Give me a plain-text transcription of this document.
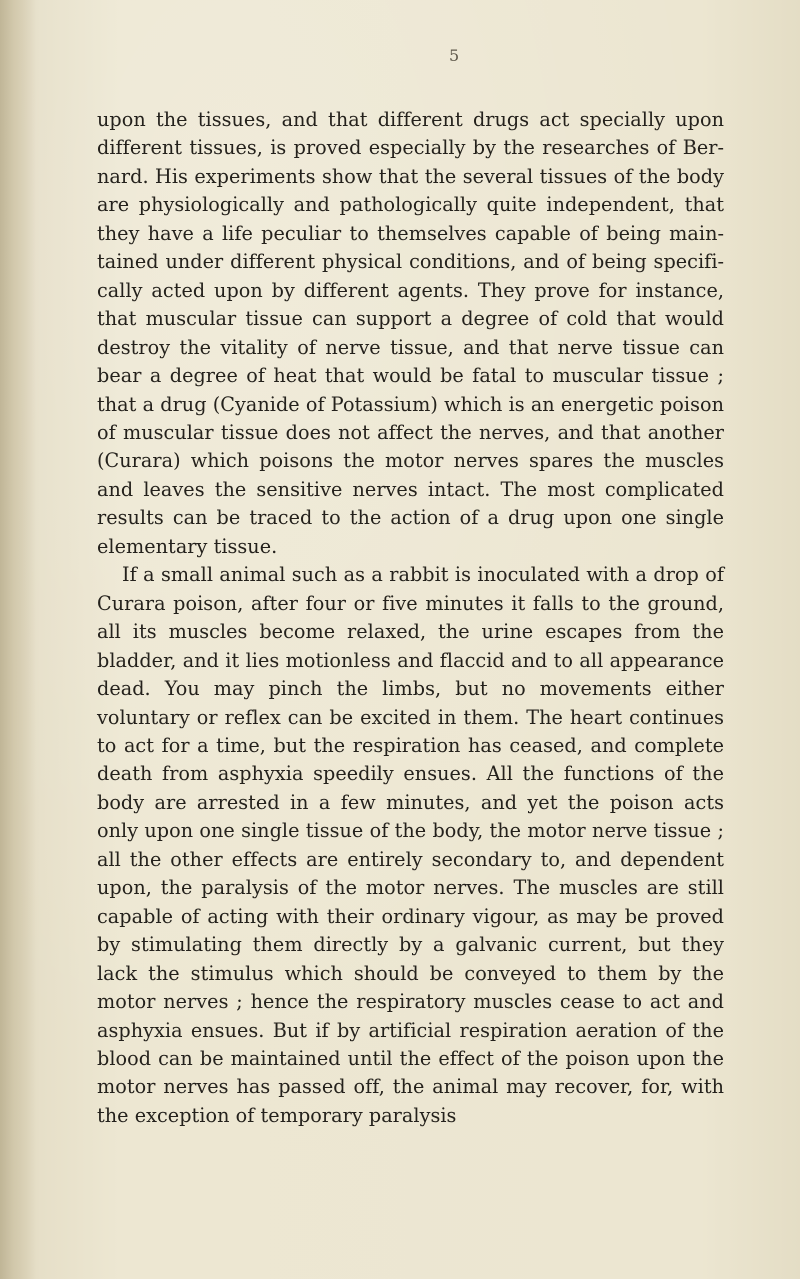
5

upon the tissues, and that different drugs act specially upon different tissues, is proved especially by the researches of Bernard. His experiments show that the several tissues of the body are physiologically and pathologically quite independent, that they have a life peculiar to themselves capable of being maintained under different physical conditions, and of being specifically acted upon by different agents. They prove for instance, that muscular tissue can support a degree of cold that would destroy the vitality of nerve tissue, and that nerve tissue can bear a degree of heat that would be fatal to muscular tissue ; that a drug (Cyanide of Potassium) which is an energetic poison of muscular tissue does not affect the nerves, and that another (Curara) which poisons the motor nerves spares the muscles and leaves the sensitive nerves intact. The most complicated results can be traced to the action of a drug upon one single elementary tissue.

If a small animal such as a rabbit is inoculated with a drop of Curara poison, after four or five minutes it falls to the ground, all its muscles become relaxed, the urine escapes from the bladder, and it lies motionless and flaccid and to all appearance dead. You may pinch the limbs, but no movements either voluntary or reflex can be excited in them. The heart continues to act for a time, but the respiration has ceased, and complete death from asphyxia speedily ensues. All the functions of the body are arrested in a few minutes, and yet the poison acts only upon one single tissue of the body, the motor nerve tissue ; all the other effects are entirely secondary to, and dependent upon, the paralysis of the motor nerves. The muscles are still capable of acting with their ordinary vigour, as may be proved by stimulating them directly by a galvanic current, but they lack the stimulus which should be conveyed to them by the motor nerves ; hence the respiratory muscles cease to act and asphyxia ensues. But if by artificial respiration aeration of the blood can be maintained until the effect of the poison upon the motor nerves has passed off, the animal may recover, for, with the exception of temporary paralysis
